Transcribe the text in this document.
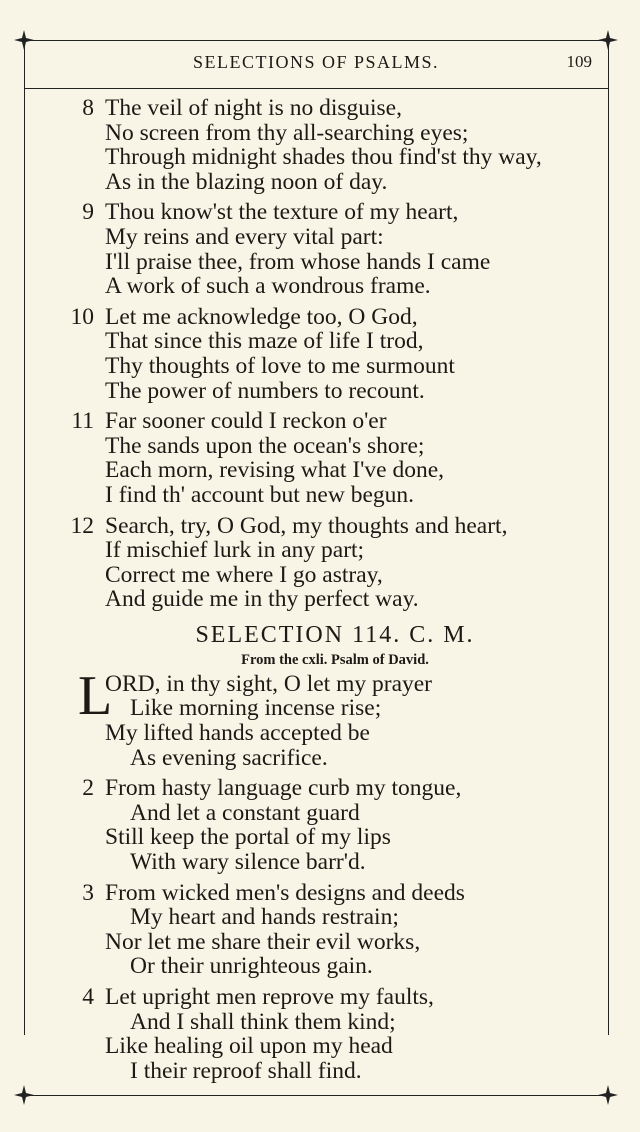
SELECTIONS OF PSALMS.	109
8 The veil of night is no disguise,
No screen from thy all-searching eyes;
Through midnight shades thou find'st thy way,
As in the blazing noon of day.
9 Thou know'st the texture of my heart,
My reins and every vital part:
I'll praise thee, from whose hands I came
A work of such a wondrous frame.
10 Let me acknowledge too, O God,
That since this maze of life I trod,
Thy thoughts of love to me surmount
The power of numbers to recount.
11 Far sooner could I reckon o'er
The sands upon the ocean's shore;
Each morn, revising what I've done,
I find th' account but new begun.
12 Search, try, O God, my thoughts and heart,
If mischief lurk in any part;
Correct me where I go astray,
And guide me in thy perfect way.
SELECTION 114. C. M.
From the cxli. Psalm of David.
L
ORD, in thy sight, O let my prayer
Like morning incense rise;
My lifted hands accepted be
As evening sacrifice.
2 From hasty language curb my tongue,
And let a constant guard
Still keep the portal of my lips
With wary silence barr'd.
3 From wicked men's designs and deeds
My heart and hands restrain;
Nor let me share their evil works,
Or their unrighteous gain.
4 Let upright men reprove my faults,
And I shall think them kind;
Like healing oil upon my head
I their reproof shall find.
